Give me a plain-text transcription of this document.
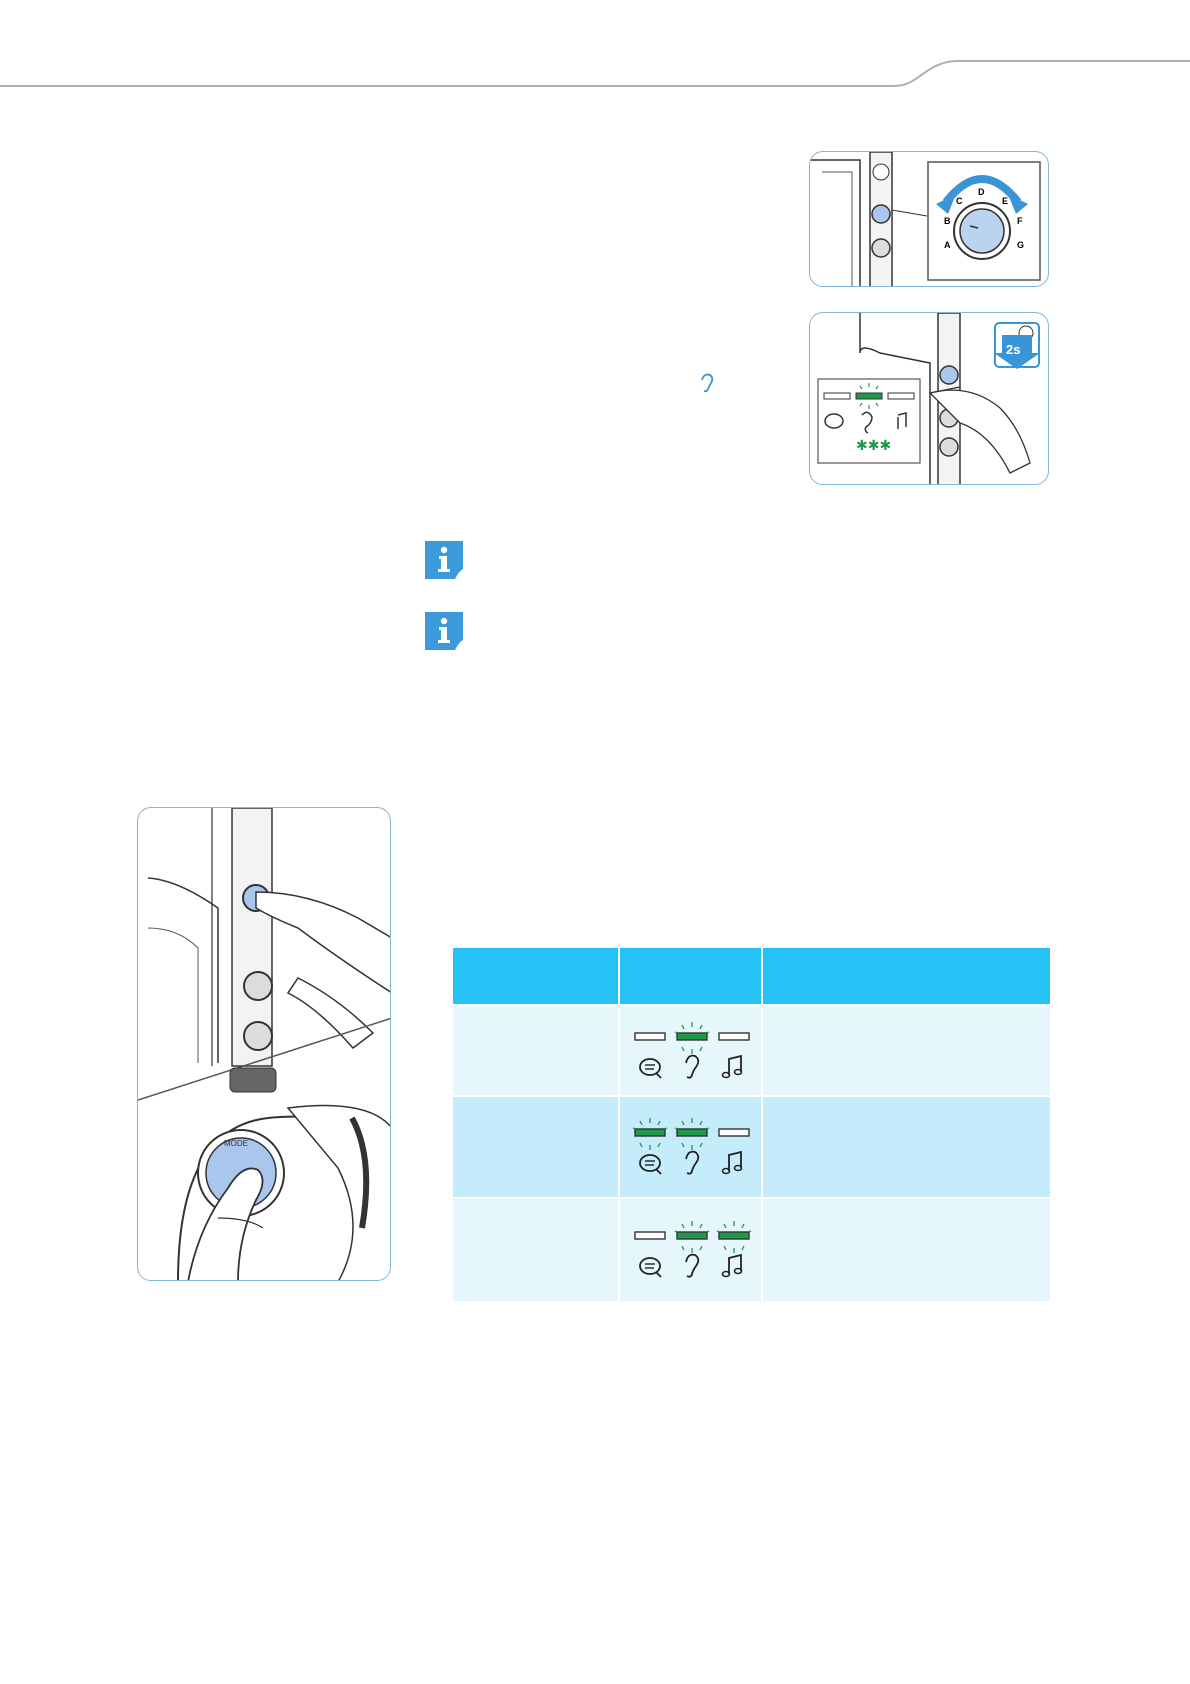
A
B
C
D
E
F
G
✱✱✱
2s
MODE
